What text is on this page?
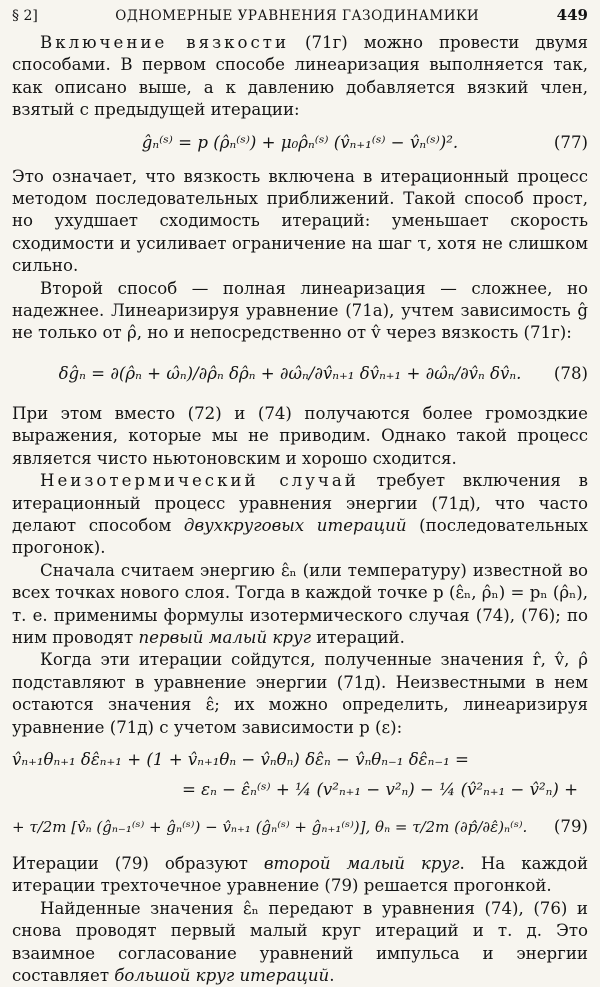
§ 2]	ОДНОМЕРНЫЕ УРАВНЕНИЯ ГАЗОДИНАМИКИ	449

Включение вязкости (71г) можно провести двумя способами. В первом способе линеаризация выполняется так, как описано выше, а к давлению добавляется вязкий член, взятый с предыдущей итерации:

ĝₙ⁽ˢ⁾ = p (ρ̂ₙ⁽ˢ⁾) + μ₀ρ̂ₙ⁽ˢ⁾ (v̂ₙ₊₁⁽ˢ⁾ − v̂ₙ⁽ˢ⁾)².	(77)

Это означает, что вязкость включена в итерационный процесс методом последовательных приближений. Такой способ прост, но ухудшает сходимость итераций: уменьшает скорость сходимости и усиливает ограничение на шаг τ, хотя не слишком сильно.

Второй способ — полная линеаризация — сложнее, но надежнее. Линеаризируя уравнение (71а), учтем зависимость ĝ не только от ρ̂, но и непосредственно от v̂ через вязкость (71г):

δĝₙ = ∂(ρ̂ₙ + ω̂ₙ)/∂ρ̂ₙ δρ̂ₙ + ∂ω̂ₙ/∂v̂ₙ₊₁ δv̂ₙ₊₁ + ∂ω̂ₙ/∂v̂ₙ δv̂ₙ.	(78)

При этом вместо (72) и (74) получаются более громоздкие выражения, которые мы не приводим. Однако такой процесс является чисто ньютоновским и хорошо сходится.

Неизотермический случай требует включения в итерационный процесс уравнения энергии (71д), что часто делают способом двухкруговых итераций (последовательных прогонок).

Сначала считаем энергию ε̂ₙ (или температуру) известной во всех точках нового слоя. Тогда в каждой точке p (ε̂ₙ, ρ̂ₙ) = pₙ (ρ̂ₙ), т. е. применимы формулы изотермического случая (74), (76); по ним проводят первый малый круг итераций.

Когда эти итерации сойдутся, полученные значения r̂, v̂, ρ̂ подставляют в уравнение энергии (71д). Неизвестными в нем остаются значения ε̂; их можно определить, линеаризируя уравнение (71д) с учетом зависимости p (ε):

v̂ₙ₊₁θₙ₊₁ δε̂ₙ₊₁ + (1 + v̂ₙ₊₁θₙ − v̂ₙθₙ) δε̂ₙ − v̂ₙθₙ₋₁ δε̂ₙ₋₁ =
= εₙ − ε̂ₙ⁽ˢ⁾ + ¼ (v²ₙ₊₁ − v²ₙ) − ¼ (v̂²ₙ₊₁ − v̂²ₙ) +
+ τ/2m [v̂ₙ (ĝₙ₋₁⁽ˢ⁾ + ĝₙ⁽ˢ⁾) − v̂ₙ₊₁ (ĝₙ⁽ˢ⁾ + ĝₙ₊₁⁽ˢ⁾)], θₙ = τ/2m (∂p̂/∂ε̂)ₙ⁽ˢ⁾. (79)

Итерации (79) образуют второй малый круг. На каждой итерации трехточечное уравнение (79) решается прогонкой.

Найденные значения ε̂ₙ передают в уравнения (74), (76) и снова проводят первый малый круг итераций и т. д. Это взаимное согласование уравнений импульса и энергии составляет большой круг итераций.
